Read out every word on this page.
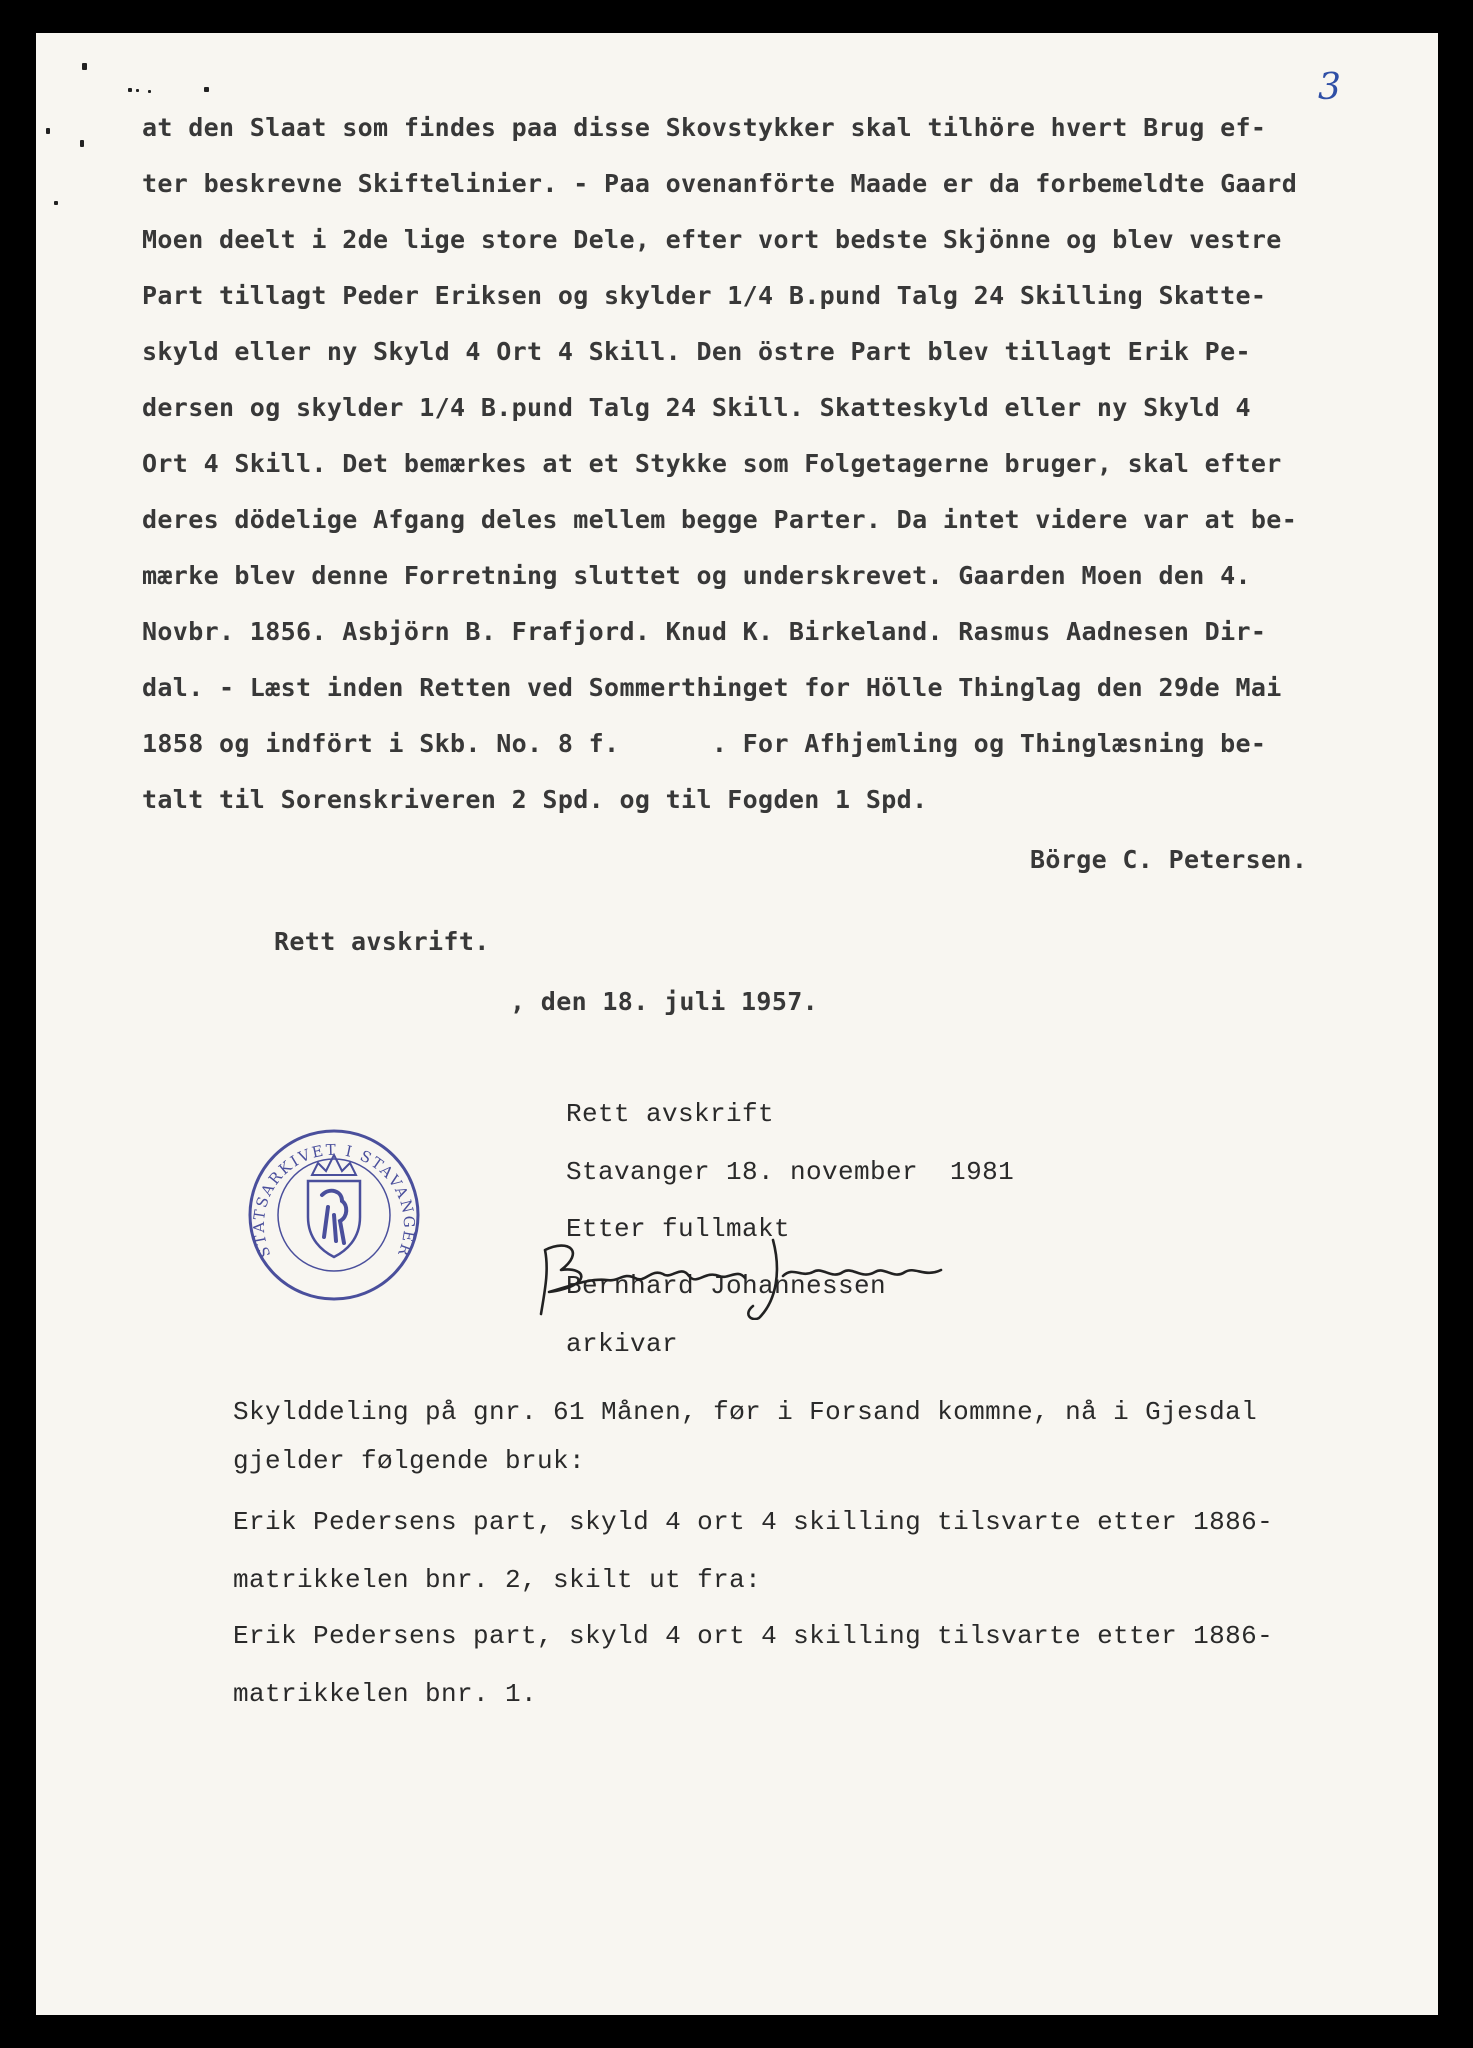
3
at den Slaat som findes paa disse Skovstykker skal tilhöre hvert Brug ef-
ter beskrevne Skiftelinier. - Paa ovenanförte Maade er da forbemeldte Gaard
Moen deelt i 2de lige store Dele, efter vort bedste Skjönne og blev vestre
Part tillagt Peder Eriksen og skylder 1/4 B.pund Talg 24 Skilling Skatte-
skyld eller ny Skyld 4 Ort 4 Skill. Den östre Part blev tillagt Erik Pe-
dersen og skylder 1/4 B.pund Talg 24 Skill. Skatteskyld eller ny Skyld 4
Ort 4 Skill. Det bemærkes at et Stykke som Folgetagerne bruger, skal efter
deres dödelige Afgang deles mellem begge Parter. Da intet videre var at be-
mærke blev denne Forretning sluttet og underskrevet. Gaarden Moen den 4.
Novbr. 1856. Asbjörn B. Frafjord. Knud K. Birkeland. Rasmus Aadnesen Dir-
dal. - Læst inden Retten ved Sommerthinget for Hölle Thinglag den 29de Mai
1858 og indfört i Skb. No. 8 f.      . For Afhjemling og Thinglæsning be-
talt til Sorenskriveren 2 Spd. og til Fogden 1 Spd.
Börge C. Petersen.
Rett avskrift.
, den 18. juli 1957.
Rett avskrift
Stavanger 18. november  1981
Etter fullmakt
Bernhard Johannessen
arkivar
STATSARKIVET I STAVANGER
Skylddeling på gnr. 61 Månen, før i Forsand kommne, nå i Gjesdal
gjelder følgende bruk:
Erik Pedersens part, skyld 4 ort 4 skilling tilsvarte etter 1886-
matrikkelen bnr. 2, skilt ut fra:
Erik Pedersens part, skyld 4 ort 4 skilling tilsvarte etter 1886-
matrikkelen bnr. 1.
